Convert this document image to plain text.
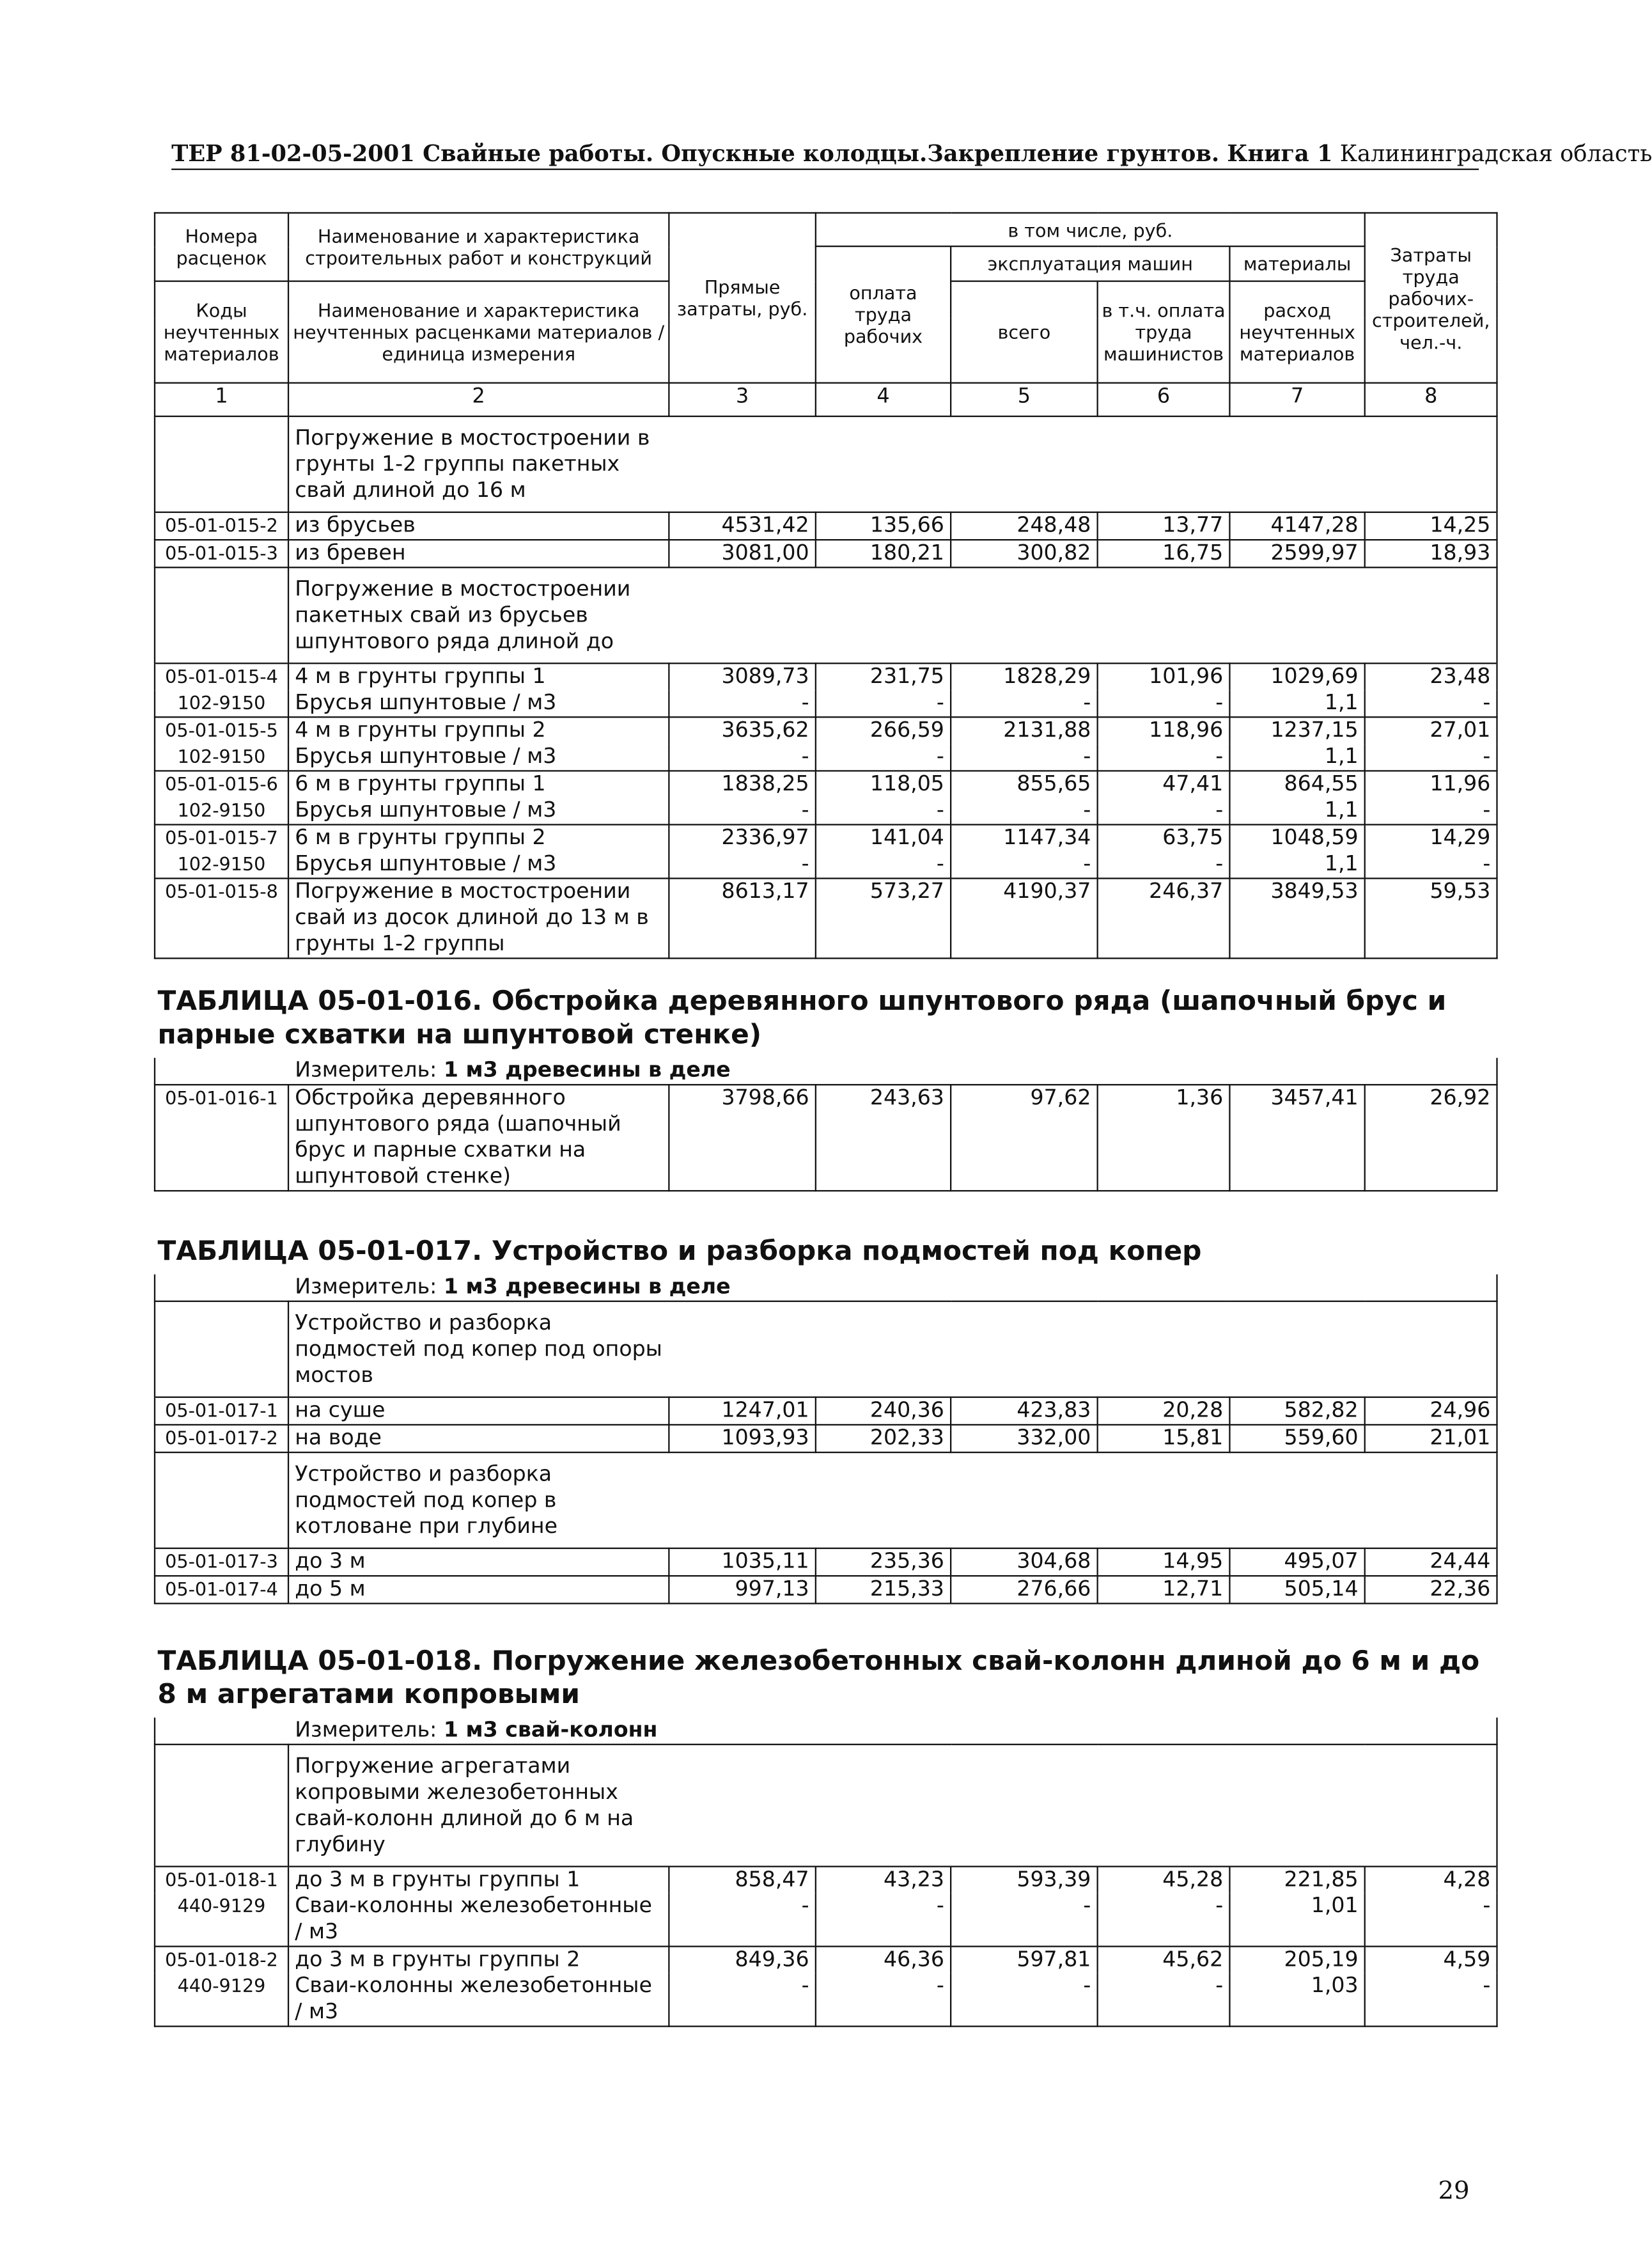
ТЕР 81-02-05-2001 Свайные работы. Опускные колодцы.Закрепление грунтов. Книга 1 Калининградская область
Номера расценок	Наименование и характеристика строительных работ и конструкций	Прямые затраты, руб.	в том числе, руб.				Затраты труда рабочих-строителей, чел.-ч.
			оплата труда рабочих	эксплуатация машин		материалы	
Коды неучтенных материалов	Наименование и характеристика неучтенных расценками материалов / единица измерения			всего	в т.ч. оплата труда машинистов	расход неучтенных материалов	

1	2	3	4	5	6	7	8
	Погружение в мостостроении в грунты 1-2 группы пакетных свай длиной до 16 м						
05-01-015-2	из брусьев	4531,42	135,66	248,48	13,77	4147,28	14,25
05-01-015-3	из бревен	3081,00	180,21	300,82	16,75	2599,97	18,93
	Погружение в мостостроении пакетных свай из брусьев шпунтового ряда длиной до						
05-01-015-4	4 м в грунты группы 1	3089,73	231,75	1828,29	101,96	1029,69	23,48
102-9150	Брусья шпунтовые / м3	-	-	-	-	1,1	-
05-01-015-5	4 м в грунты группы 2	3635,62	266,59	2131,88	118,96	1237,15	27,01
102-9150	Брусья шпунтовые / м3	-	-	-	-	1,1	-
05-01-015-6	6 м в грунты группы 1	1838,25	118,05	855,65	47,41	864,55	11,96
102-9150	Брусья шпунтовые / м3	-	-	-	-	1,1	-
05-01-015-7	6 м в грунты группы 2	2336,97	141,04	1147,34	63,75	1048,59	14,29
102-9150	Брусья шпунтовые / м3	-	-	-	-	1,1	-
05-01-015-8	Погружение в мостостроении свай из досок длиной до 13 м в грунты 1-2 группы	8613,17	573,27	4190,37	246,37	3849,53	59,53
ТАБЛИЦА 05-01-016. Обстройка деревянного шпунтового ряда (шапочный брус и парные схватки на шпунтовой стенке)							
Измеритель: 1 м3 древесины в деле							
05-01-016-1	Обстройка деревянного шпунтового ряда (шапочный брус и парные схватки на шпунтовой стенке)	3798,66	243,63	97,62	1,36	3457,41	26,92
ТАБЛИЦА 05-01-017. Устройство и разборка подмостей под копер							
Измеритель: 1 м3 древесины в деле							
	Устройство и разборка подмостей под копер под опоры мостов						
05-01-017-1	на суше	1247,01	240,36	423,83	20,28	582,82	24,96
05-01-017-2	на воде	1093,93	202,33	332,00	15,81	559,60	21,01
	Устройство и разборка подмостей под копер в котловане при глубине						
05-01-017-3	до 3 м	1035,11	235,36	304,68	14,95	495,07	24,44
05-01-017-4	до 5 м	997,13	215,33	276,66	12,71	505,14	22,36
ТАБЛИЦА 05-01-018. Погружение железобетонных свай-колонн длиной до 6 м и до 8 м агрегатами копровыми							
Измеритель: 1 м3 свай-колонн							
	Погружение агрегатами копровыми железобетонных свай-колонн длиной до 6 м на глубину						
05-01-018-1	до 3 м в грунты группы 1	858,47	43,23	593,39	45,28	221,85	4,28
440-9129	Сваи-колонны железобетонные / м3	-	-	-	-	1,01	-
05-01-018-2	до 3 м в грунты группы 2	849,36	46,36	597,81	45,62	205,19	4,59
440-9129	Сваи-колонны железобетонные / м3	-	-	-	-	1,03	-
29
